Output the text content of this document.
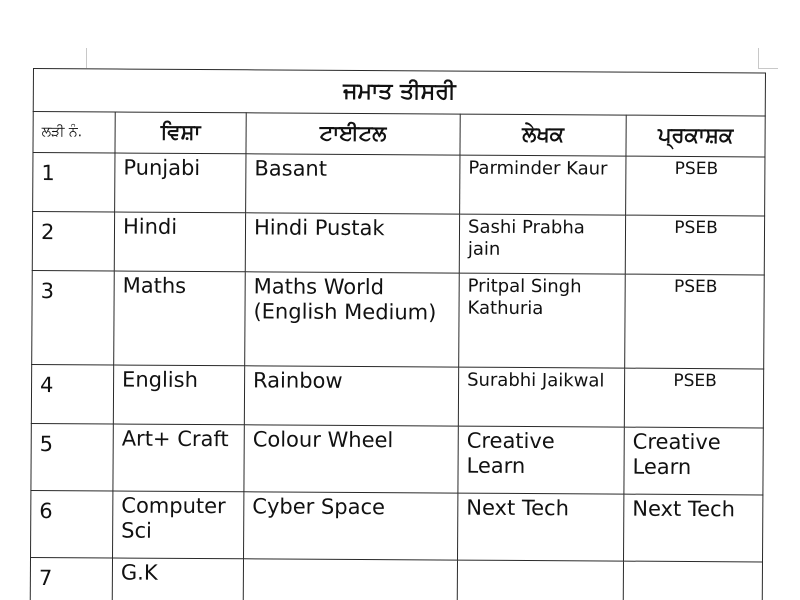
ਜਮਾਤ ਤੀਸਰੀ				
ਲੜੀ ਨੰ.	ਵਿਸ਼ਾ	ਟਾਈਟਲ	ਲੇਖਕ	ਪ੍ਰਕਾਸ਼ਕ
1	Punjabi	Basant	Parminder Kaur	PSEB
2	Hindi	Hindi Pustak	Sashi Prabha jain	PSEB
3	Maths	Maths World (English Medium)	Pritpal Singh Kathuria	PSEB
4	English	Rainbow	Surabhi Jaikwal	PSEB
5	Art+ Craft	Colour Wheel	Creative Learn	Creative Learn
6	Computer Sci	Cyber Space	Next Tech	Next Tech
7	G.K			
